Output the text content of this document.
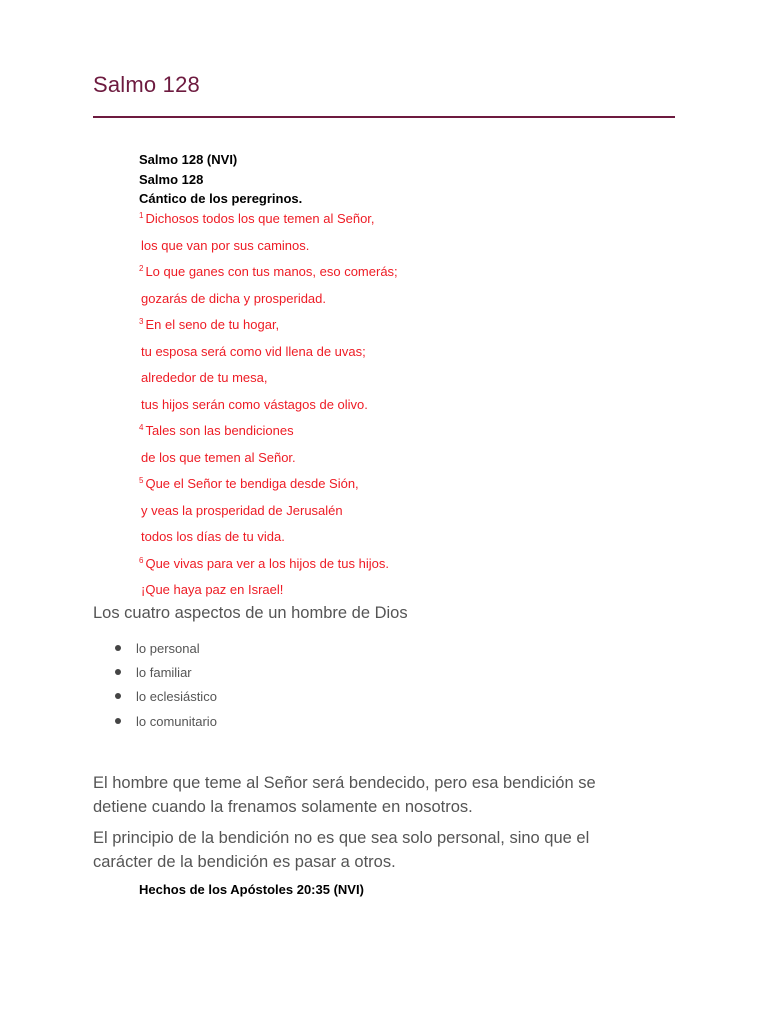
Salmo 128
Salmo 128 (NVI)
Salmo 128
Cántico de los peregrinos.
$^1$ Dichosos todos los que temen al Señor,
los que van por sus caminos.
$^2$ Lo que ganes con tus manos, eso comerás;
gozarás de dicha y prosperidad.
$^3$ En el seno de tu hogar,
tu esposa será como vid llena de uvas;
alrededor de tu mesa,
tus hijos serán como vástagos de olivo.
$^4$ Tales son las bendiciones
de los que temen al Señor.
$^5$ Que el Señor te bendiga desde Sión,
y veas la prosperidad de Jerusalén
todos los días de tu vida.
$^6$ Que vivas para ver a los hijos de tus hijos.
¡Que haya paz en Israel!
Los cuatro aspectos de un hombre de Dios
lo personal
lo familiar
lo eclesiástico
lo comunitario

El hombre que teme al Señor será bendecido, pero esa bendición se detiene cuando la frenamos solamente en nosotros.

El principio de la bendición no es que sea solo personal, sino que el carácter de la bendición es pasar a otros.

Hechos de los Apóstoles 20:35 (NVI)
